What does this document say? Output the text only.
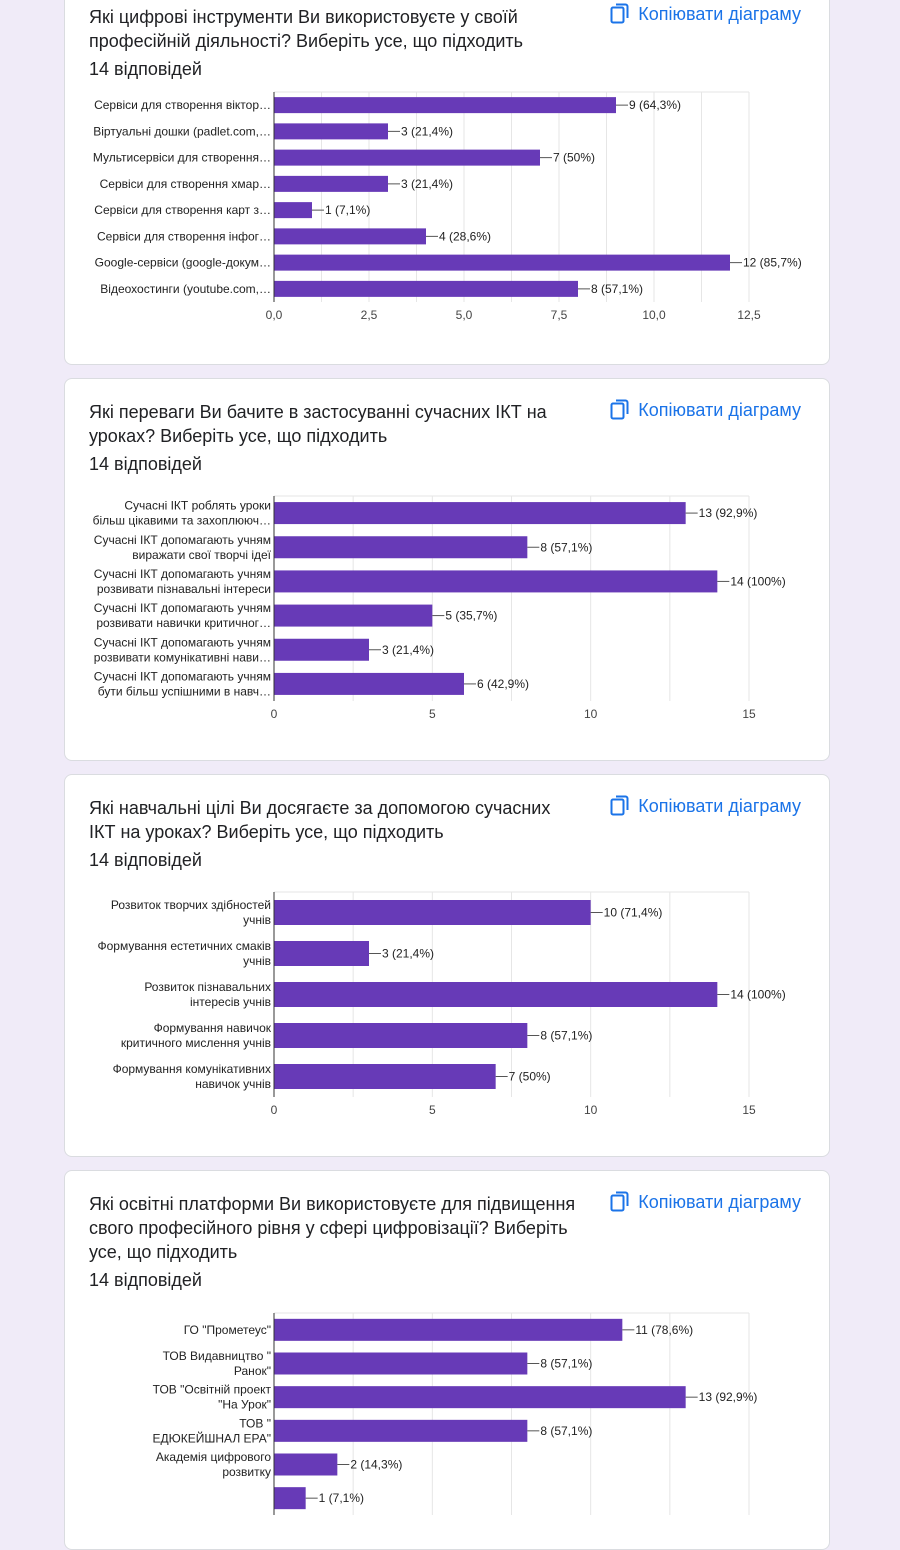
Які цифрові інструменти Ви використовуєте у своїй професійній діяльності? Виберіть усе, що підходить
14 відповідей
Копіювати діаграму
9 (64,3%)
Сервіси для створення віктор…
3 (21,4%)
Віртуальні дошки (padlet.com,…
7 (50%)
Мультисервіси для створення…
3 (21,4%)
Сервіси для створення хмар…
1 (7,1%)
Сервіси для створення карт з…
4 (28,6%)
Сервіси для створення інфог…
12 (85,7%)
Google-сервіси (google-докум…
8 (57,1%)
Відеохостинги (youtube.com,…
0,0	2,5	5,0	7,5	10,0	12,5
Які переваги Ви бачите в застосуванні сучасних ІКТ на уроках? Виберіть усе, що підходить
14 відповідей
Копіювати діаграму
13 (92,9%)
Сучасні ІКТ роблять уроки
більш цікавими та захоплююч…
8 (57,1%)
Сучасні ІКТ допомагають учням
виражати свої творчі ідеї
14 (100%)
Сучасні ІКТ допомагають учням
розвивати пізнавальні інтереси
5 (35,7%)
Сучасні ІКТ допомагають учням
розвивати навички критичног…
3 (21,4%)
Сучасні ІКТ допомагають учням
розвивати комунікативні нави…
6 (42,9%)
Сучасні ІКТ допомагають учням
бути більш успішними в навч…
0	5	10	15
Які навчальні цілі Ви досягаєте за допомогою сучасних ІКТ на уроках? Виберіть усе, що підходить
14 відповідей
Копіювати діаграму
10 (71,4%)
Розвиток творчих здібностей
учнів
3 (21,4%)
Формування естетичних смаків
учнів
14 (100%)
Розвиток пізнавальних
інтересів учнів
8 (57,1%)
Формування навичок
критичного мислення учнів
7 (50%)
Формування комунікативних
навичок учнів
0	5	10	15
Які освітні платформи Ви використовуєте для підвищення свого професійного рівня у сфері цифровізації? Виберіть усе, що підходить
14 відповідей
Копіювати діаграму
11 (78,6%)
ГО "Прометеус"
8 (57,1%)
ТОВ Видавництво "
Ранок"
13 (92,9%)
ТОВ "Освітній проект
"На Урок"
8 (57,1%)
ТОВ "
ЕДЮКЕЙШНАЛ ЕРА"
2 (14,3%)
Академія цифрового
розвитку
1 (7,1%)
